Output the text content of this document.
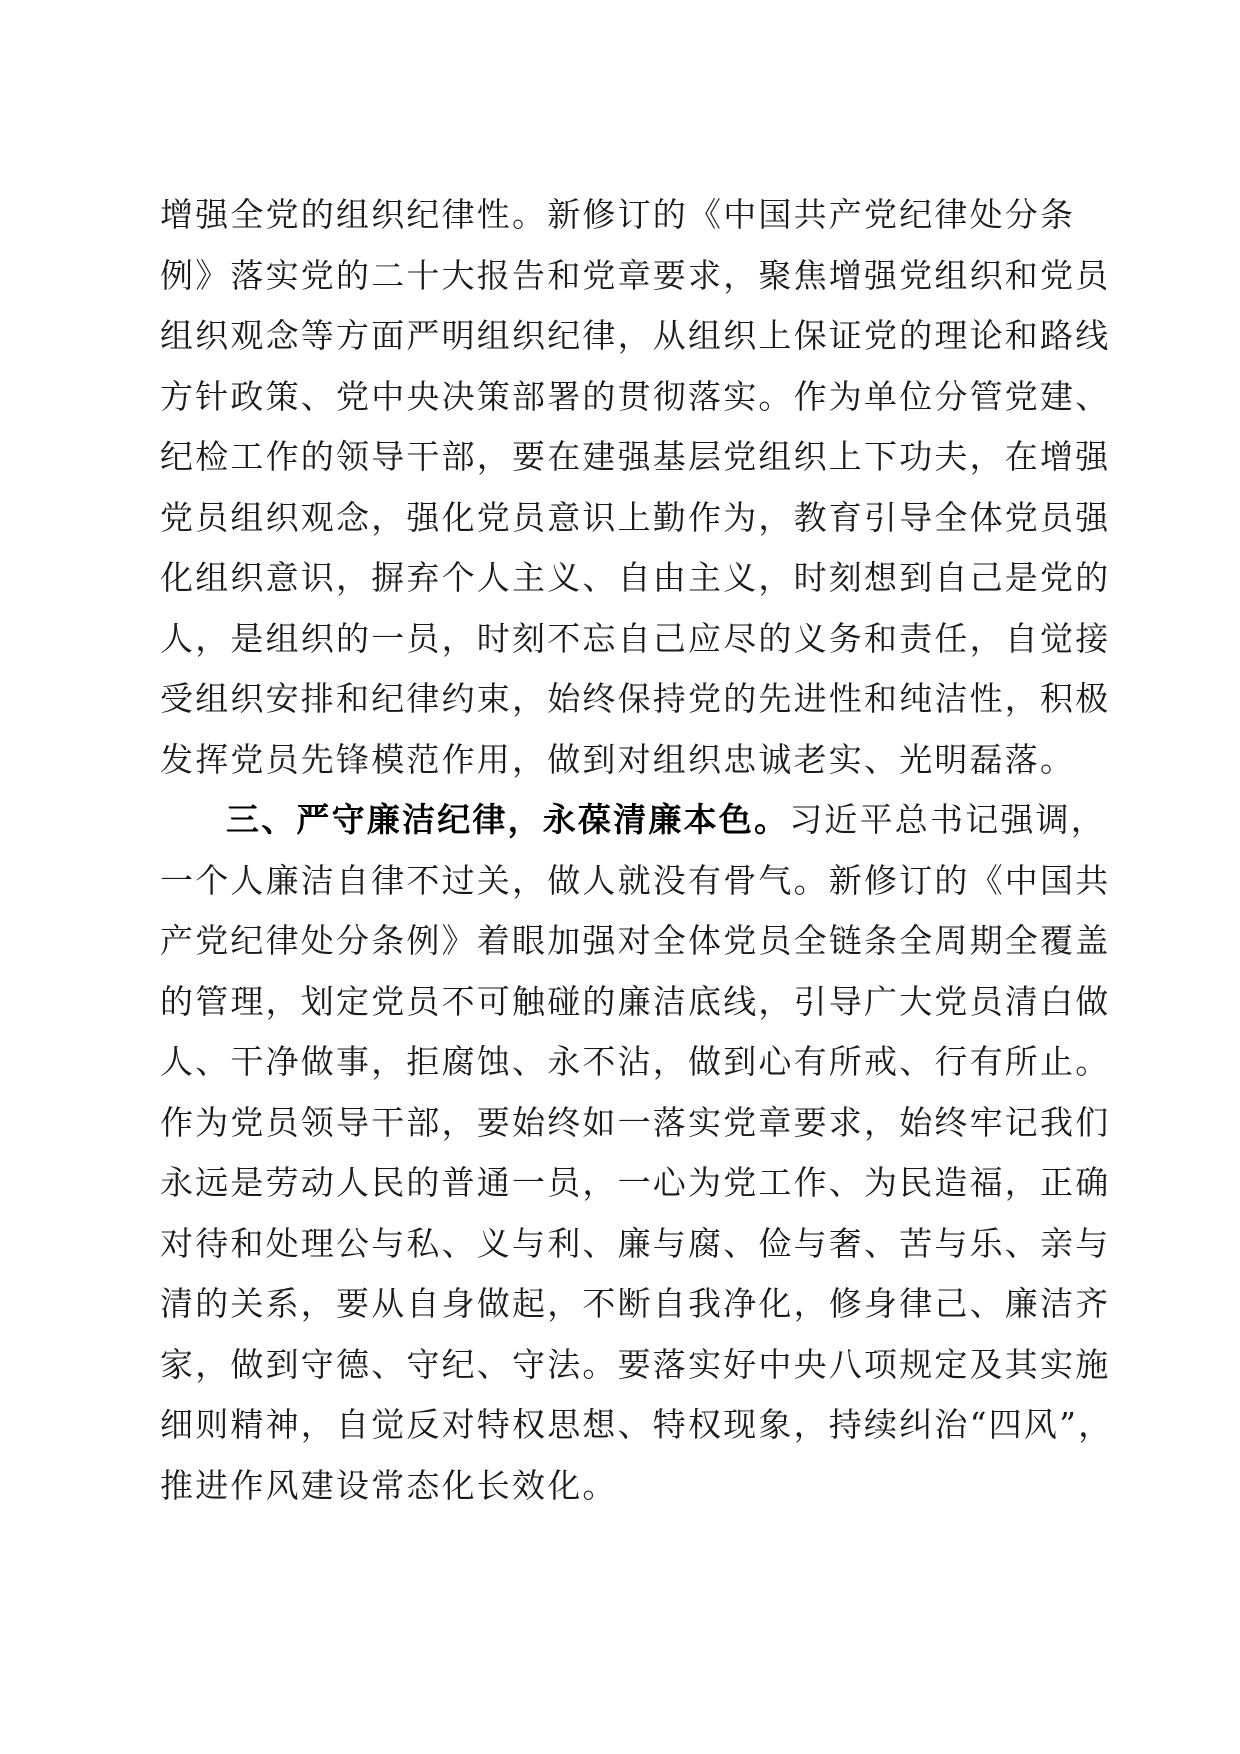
增强全党的组织纪律性。新修订的《中国共产党纪律处分条
例》落实党的二十大报告和党章要求，聚焦增强党组织和党员
组织观念等方面严明组织纪律，从组织上保证党的理论和路线
方针政策、党中央决策部署的贯彻落实。作为单位分管党建、
纪检工作的领导干部，要在建强基层党组织上下功夫，在增强
党员组织观念，强化党员意识上勤作为，教育引导全体党员强
化组织意识，摒弃个人主义、自由主义，时刻想到自己是党的
人，是组织的一员，时刻不忘自己应尽的义务和责任，自觉接
受组织安排和纪律约束，始终保持党的先进性和纯洁性，积极
发挥党员先锋模范作用，做到对组织忠诚老实、光明磊落。
三、严守廉洁纪律，永葆清廉本色。习近平总书记强调，
一个人廉洁自律不过关，做人就没有骨气。新修订的《中国共
产党纪律处分条例》着眼加强对全体党员全链条全周期全覆盖
的管理，划定党员不可触碰的廉洁底线，引导广大党员清白做
人、干净做事，拒腐蚀、永不沾，做到心有所戒、行有所止。
作为党员领导干部，要始终如一落实党章要求，始终牢记我们
永远是劳动人民的普通一员，一心为党工作、为民造福，正确
对待和处理公与私、义与利、廉与腐、俭与奢、苦与乐、亲与
清的关系，要从自身做起，不断自我净化，修身律己、廉洁齐
家，做到守德、守纪、守法。要落实好中央八项规定及其实施
细则精神，自觉反对特权思想、特权现象，持续纠治“四风”，
推进作风建设常态化长效化。
